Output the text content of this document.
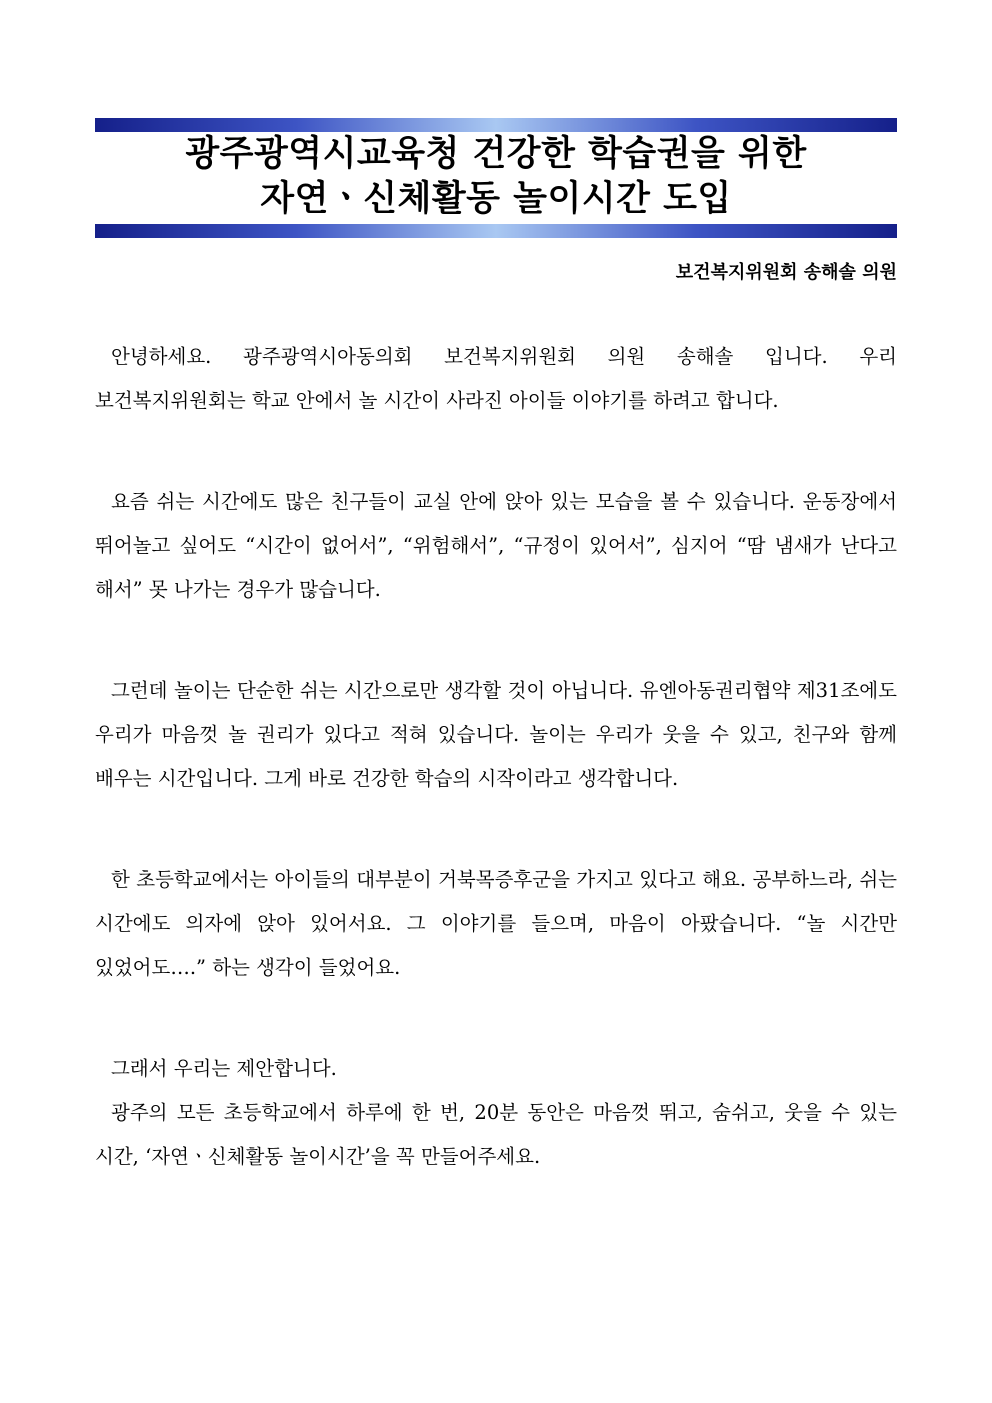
광주광역시교육청 건강한 학습권을 위한
자연ㆍ신체활동 놀이시간 도입
보건복지위원회 송해솔 의원

안녕하세요. 광주광역시아동의회 보건복지위원회 의원 송해솔 입니다. 우리 보건복지위원회는 학교 안에서 놀 시간이 사라진 아이들 이야기를 하려고 합니다.

요즘 쉬는 시간에도 많은 친구들이 교실 안에 앉아 있는 모습을 볼 수 있습니다. 운동장에서 뛰어놀고 싶어도 “시간이 없어서”, “위험해서”, “규정이 있어서”, 심지어 “땀 냄새가 난다고 해서” 못 나가는 경우가 많습니다.

그런데 놀이는 단순한 쉬는 시간으로만 생각할 것이 아닙니다. 유엔아동권리협약 제31조에도 우리가 마음껏 놀 권리가 있다고 적혀 있습니다. 놀이는 우리가 웃을 수 있고, 친구와 함께 배우는 시간입니다. 그게 바로 건강한 학습의 시작이라고 생각합니다.

한 초등학교에서는 아이들의 대부분이 거북목증후군을 가지고 있다고 해요. 공부하느라, 쉬는 시간에도 의자에 앉아 있어서요. 그 이야기를 들으며, 마음이 아팠습니다. “놀 시간만 있었어도….” 하는 생각이 들었어요.

그래서 우리는 제안합니다.

광주의 모든 초등학교에서 하루에 한 번, 20분 동안은 마음껏 뛰고, 숨쉬고, 웃을 수 있는 시간, ‘자연ㆍ신체활동 놀이시간’을 꼭 만들어주세요.
